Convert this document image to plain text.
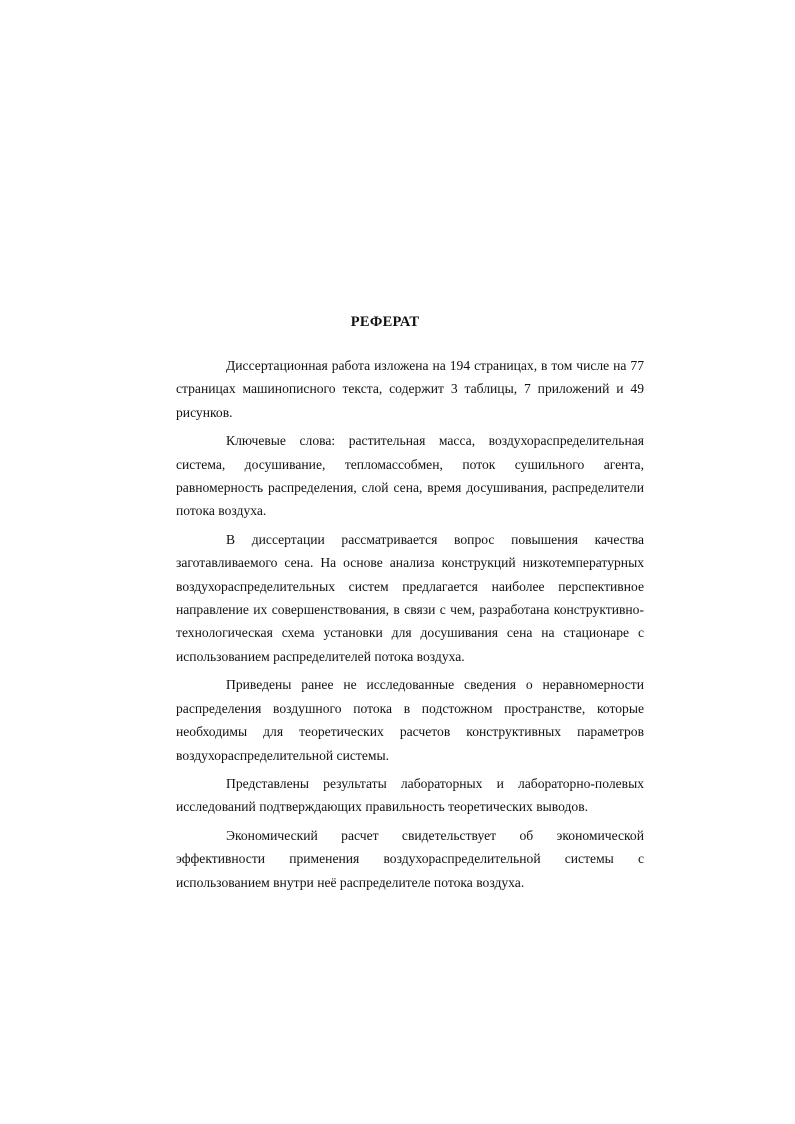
РЕФЕРАТ

Диссертационная работа изложена на 194 страницах, в том числе на 77 страницах машинописного текста, содержит 3 таблицы, 7 приложений и 49 рисунков.

Ключевые слова: растительная масса, воздухораспределительная система, досушивание, тепломассобмен, поток сушильного агента, равномерность распределения, слой сена, время досушивания, распределители потока воздуха.

В диссертации рассматривается вопрос повышения качества заготавливаемого сена. На основе анализа конструкций низкотемпературных воздухораспределительных систем предлагается наиболее перспективное направление их совершенствования, в связи с чем, разработана конструктивно-технологическая схема установки для досушивания сена на стационаре с использованием распределителей потока воздуха.

Приведены ранее не исследованные сведения о неравномерности распределения воздушного потока в подстожном пространстве, которые необходимы для теоретических расчетов конструктивных параметров воздухораспределительной системы.

Представлены результаты лабораторных и лабораторно-полевых исследований подтверждающих правильность теоретических выводов.

Экономический расчет свидетельствует об экономической эффективности применения воздухораспределительной системы с использованием внутри неё распределителе потока воздуха.
